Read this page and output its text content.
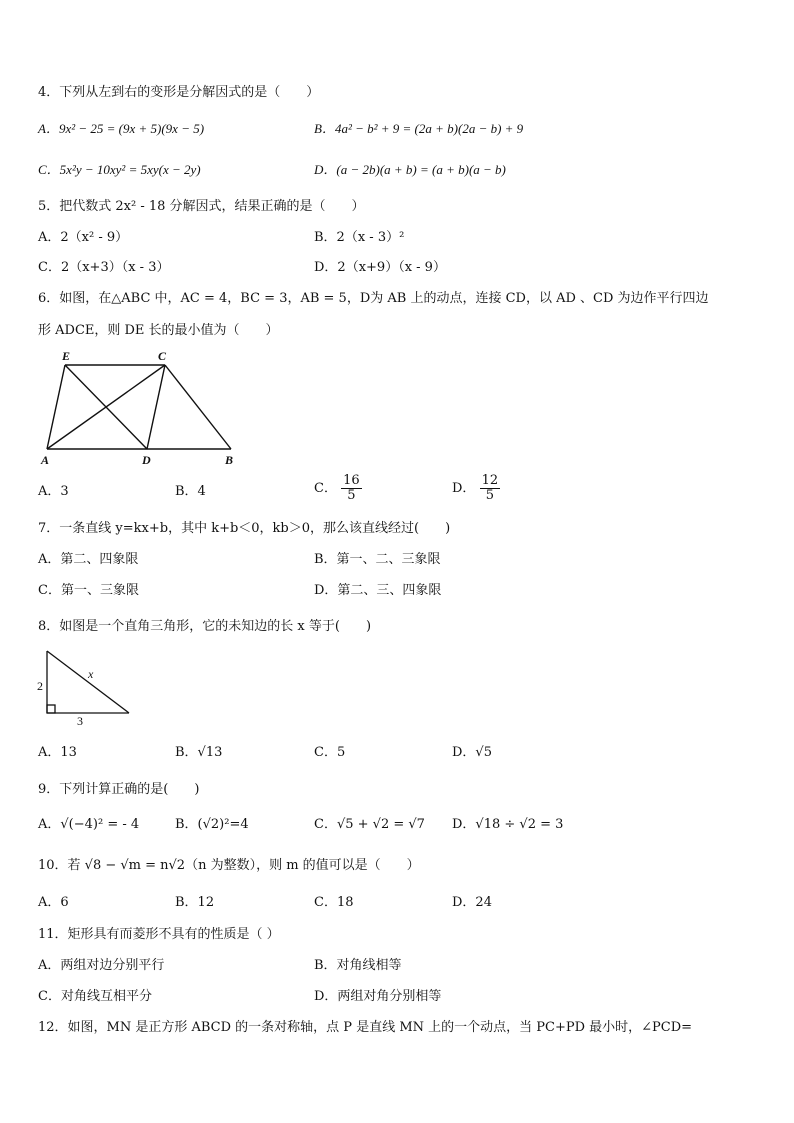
4．下列从左到右的变形是分解因式的是（　　）
A．9x² − 25 = (9x + 5)(9x − 5)	B．4a² − b² + 9 = (2a + b)(2a − b) + 9
C．5x²y − 10xy² = 5xy(x − 2y)	D．(a − 2b)(a + b) = (a + b)(a − b)
5．把代数式 2x² - 18 分解因式，结果正确的是（　　）
A．2（x² - 9）	B．2（x - 3）²
C．2（x+3）（x - 3）	D．2（x+9）（x - 9）
6．如图，在△ABC 中，AC = 4，BC = 3，AB = 5，D为 AB 上的动点，连接 CD，以 AD 、CD 为边作平行四边
形 ADCE，则 DE 长的最小值为（　　）
E	C
A	D	B
A．3	B．4	C． $\frac{16}{5}$	D． $\frac{12}{5}$
7．一条直线 y=kx+b，其中 k+b＜0，kb＞0，那么该直线经过(　　)
A．第二、四象限	B．第一、二、三象限
C．第一、三象限	D．第二、三、四象限
8．如图是一个直角三角形，它的未知边的长 x 等于(　　)
2
3
x
A．13	B．√13	C．5	D．√5
9．下列计算正确的是(　　)
A．√(−4)² = - 4	B．(√2)²=4	C．√5 + √2 = √7 D．√18 ÷ √2 = 3
10．若 √8 − √m = n√2（n 为整数），则 m 的值可以是（　　）
A．6	B．12	C．18	D．24
11．矩形具有而菱形不具有的性质是（ ）
A．两组对边分别平行	B．对角线相等
C．对角线互相平分	D．两组对角分别相等
12．如图，MN 是正方形 ABCD 的一条对称轴，点 P 是直线 MN 上的一个动点，当 PC+PD 最小时，∠PCD=
